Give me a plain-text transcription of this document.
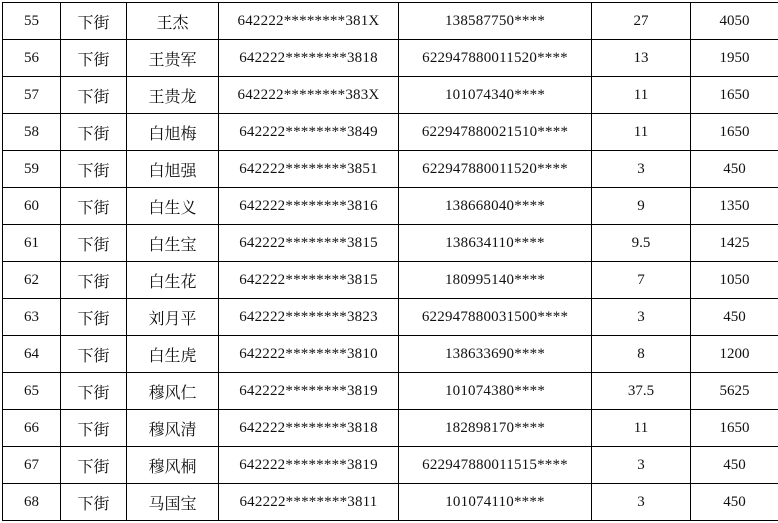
55	下街	王杰	642222********381X	138587750****	27	4050
56	下街	王贵军	642222********3818	622947880011520****	13	1950
57	下街	王贵龙	642222********383X	101074340****	11	1650
58	下街	白旭梅	642222********3849	622947880021510****	11	1650
59	下街	白旭强	642222********3851	622947880011520****	3	450
60	下街	白生义	642222********3816	138668040****	9	1350
61	下街	白生宝	642222********3815	138634110****	9.5	1425
62	下街	白生花	642222********3815	180995140****	7	1050
63	下街	刘月平	642222********3823	622947880031500****	3	450
64	下街	白生虎	642222********3810	138633690****	8	1200
65	下街	穆风仁	642222********3819	101074380****	37.5	5625
66	下街	穆风清	642222********3818	182898170****	11	1650
67	下街	穆风桐	642222********3819	622947880011515****	3	450
68	下街	马国宝	642222********3811	101074110****	3	450
